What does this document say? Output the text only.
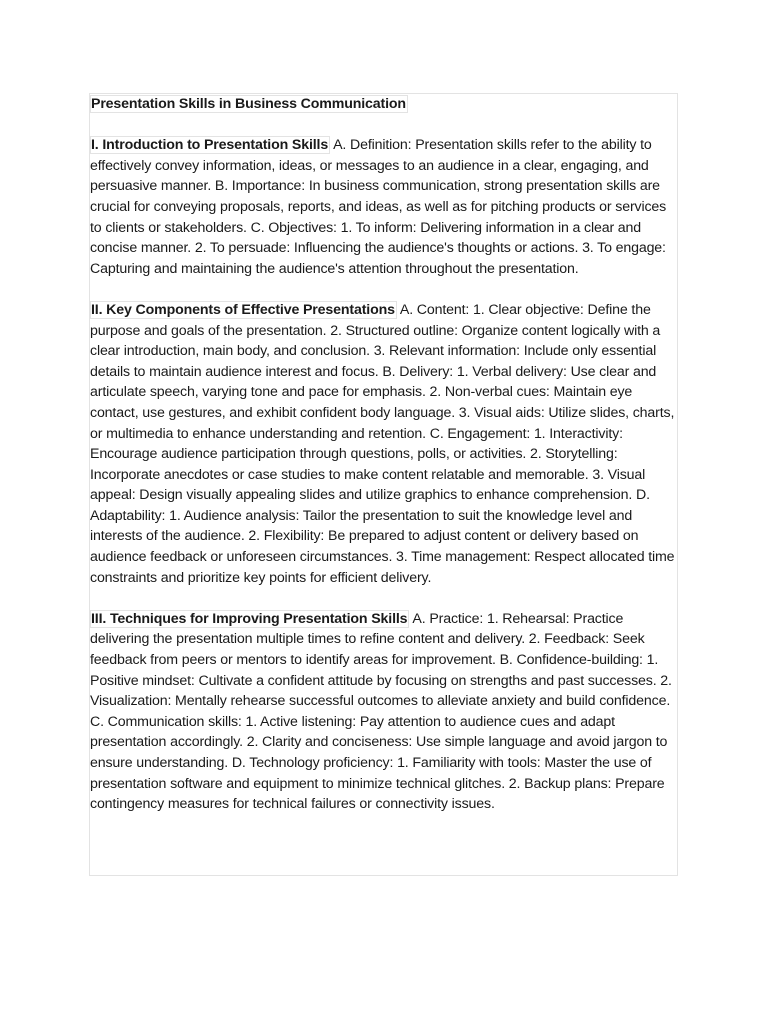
Presentation Skills in Business Communication

I. Introduction to Presentation Skills A. Definition: Presentation skills refer to the ability to effectively convey information, ideas, or messages to an audience in a clear, engaging, and persuasive manner. B. Importance: In business communication, strong presentation skills are crucial for conveying proposals, reports, and ideas, as well as for pitching products or services to clients or stakeholders. C. Objectives: 1. To inform: Delivering information in a clear and concise manner. 2. To persuade: Influencing the audience's thoughts or actions. 3. To engage: Capturing and maintaining the audience's attention throughout the presentation.

II. Key Components of Effective Presentations A. Content: 1. Clear objective: Define the purpose and goals of the presentation. 2. Structured outline: Organize content logically with a clear introduction, main body, and conclusion. 3. Relevant information: Include only essential details to maintain audience interest and focus. B. Delivery: 1. Verbal delivery: Use clear and articulate speech, varying tone and pace for emphasis. 2. Non-verbal cues: Maintain eye contact, use gestures, and exhibit confident body language. 3. Visual aids: Utilize slides, charts, or multimedia to enhance understanding and retention. C. Engagement: 1. Interactivity: Encourage audience participation through questions, polls, or activities. 2. Storytelling: Incorporate anecdotes or case studies to make content relatable and memorable. 3. Visual appeal: Design visually appealing slides and utilize graphics to enhance comprehension. D. Adaptability: 1. Audience analysis: Tailor the presentation to suit the knowledge level and interests of the audience. 2. Flexibility: Be prepared to adjust content or delivery based on audience feedback or unforeseen circumstances. 3. Time management: Respect allocated time constraints and prioritize key points for efficient delivery.

III. Techniques for Improving Presentation Skills A. Practice: 1. Rehearsal: Practice delivering the presentation multiple times to refine content and delivery. 2. Feedback: Seek feedback from peers or mentors to identify areas for improvement. B. Confidence-building: 1. Positive mindset: Cultivate a confident attitude by focusing on strengths and past successes. 2. Visualization: Mentally rehearse successful outcomes to alleviate anxiety and build confidence. C. Communication skills: 1. Active listening: Pay attention to audience cues and adapt presentation accordingly. 2. Clarity and conciseness: Use simple language and avoid jargon to ensure understanding. D. Technology proficiency: 1. Familiarity with tools: Master the use of presentation software and equipment to minimize technical glitches. 2. Backup plans: Prepare contingency measures for technical failures or connectivity issues.
